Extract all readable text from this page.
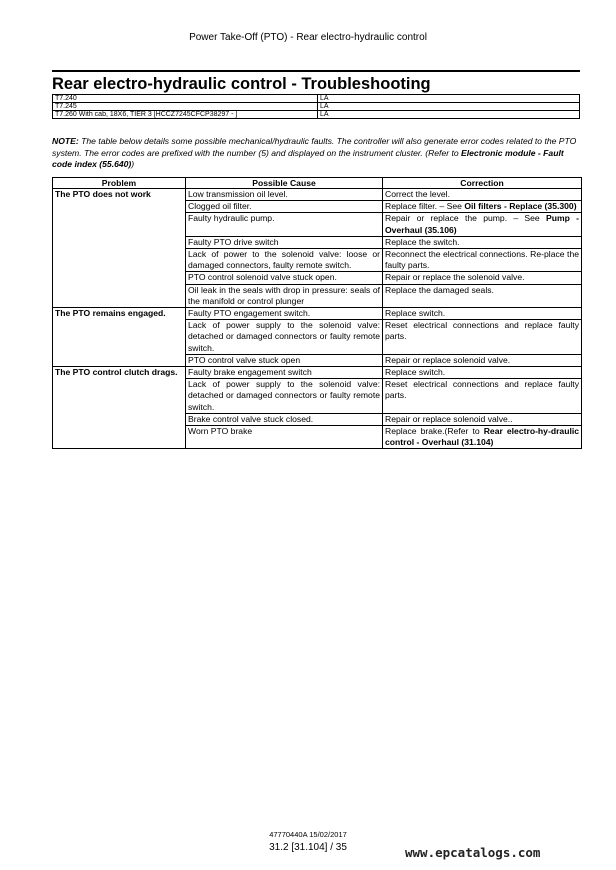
Power Take-Off (PTO) - Rear electro-hydraulic control
Rear electro-hydraulic control - Troubleshooting
T7.240	LA
T7.245	LA
T7.260 With cab, 18X6, TIER 3 [HCCZ7245CFCP38297 - ]	LA
NOTE: The table below details some possible mechanical/hydraulic faults. The controller will also generate error codes related to the PTO system. The error codes are prefixed with the number (5) and displayed on the instrument cluster. (Refer to Electronic module - Fault code index (55.640))
Problem	Possible Cause	Correction
The PTO does not work	Low transmission oil level.	Correct the level.
	Clogged oil filter.	Replace filter. – See Oil filters - Replace (35.300)
	Faulty hydraulic pump.	Repair or replace the pump. – See Pump - Overhaul (35.106)
	Faulty PTO drive switch	Replace the switch.
	Lack of power to the solenoid valve: loose or damaged connectors, faulty remote switch.	Reconnect the electrical connections. Re-place the faulty parts.
	PTO control solenoid valve stuck open.	Repair or replace the solenoid valve.
	Oil leak in the seals with drop in pressure: seals of the manifold or control plunger	Replace the damaged seals.
The PTO remains engaged.	Faulty PTO engagement switch.	Replace switch.
	Lack of power supply to the solenoid valve: detached or damaged connectors or faulty remote switch.	Reset electrical connections and replace faulty parts.
	PTO control valve stuck open	Repair or replace solenoid valve.
The PTO control clutch drags.	Faulty brake engagement switch	Replace switch.
	Lack of power supply to the solenoid valve: detached or damaged connectors or faulty remote switch.	Reset electrical connections and replace faulty parts.
	Brake control valve stuck closed.	Repair or replace solenoid valve..
	Worn PTO brake	Replace brake.(Refer to Rear electro-hy-draulic control - Overhaul (31.104)
47770440A 15/02/2017
31.2 [31.104] / 35	www.epcatalogs.com
